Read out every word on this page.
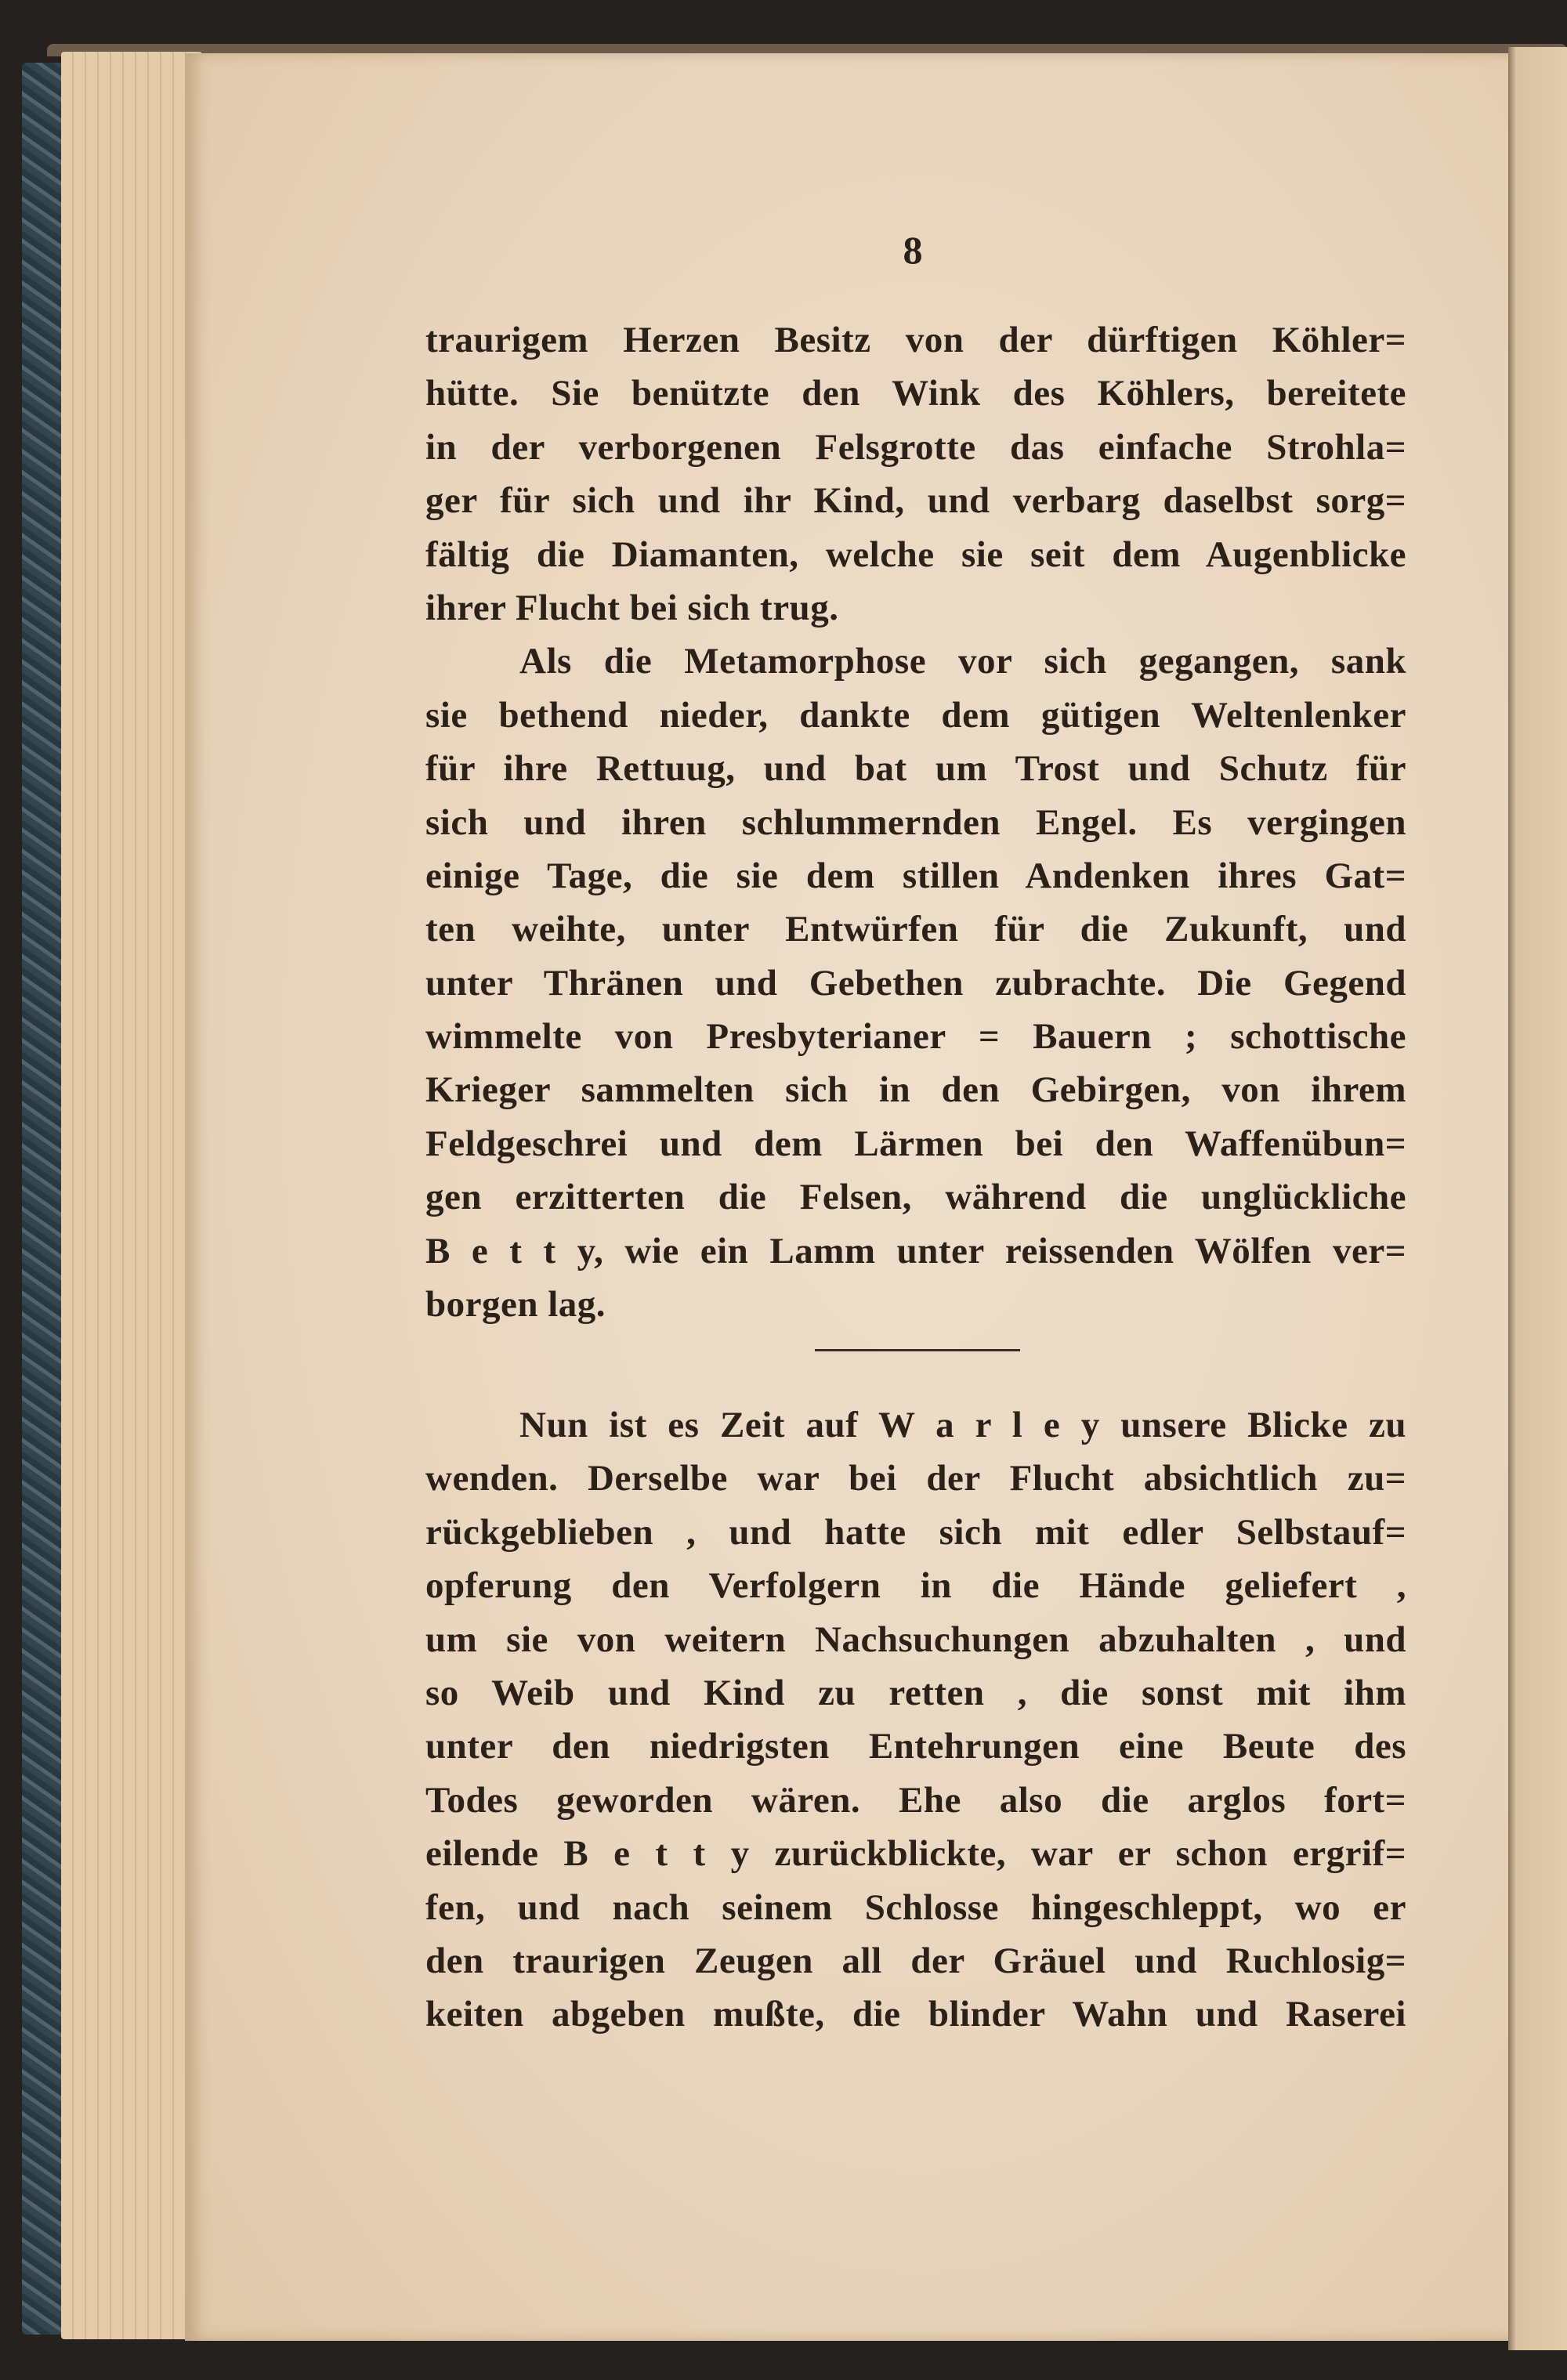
8
traurigem Herzen Besitz von der dürftigen Köhler=
hütte. Sie benützte den Wink des Köhlers, bereitete
in der verborgenen Felsgrotte das einfache Strohla=
ger für sich und ihr Kind, und verbarg daselbst sorg=
fältig die Diamanten, welche sie seit dem Augenblicke
ihrer Flucht bei sich trug.
Als die Metamorphose vor sich gegangen, sank
sie bethend nieder, dankte dem gütigen Weltenlenker
für ihre Rettuug, und bat um Trost und Schutz für
sich und ihren schlummernden Engel. Es vergingen
einige Tage, die sie dem stillen Andenken ihres Gat=
ten weihte, unter Entwürfen für die Zukunft, und
unter Thränen und Gebethen zubrachte. Die Gegend
wimmelte von Presbyterianer = Bauern ; schottische
Krieger sammelten sich in den Gebirgen, von ihrem
Feldgeschrei und dem Lärmen bei den Waffenübun=
gen erzitterten die Felsen, während die unglückliche
B e t t y, wie ein Lamm unter reissenden Wölfen ver=
borgen lag.
Nun ist es Zeit auf W a r l e y unsere Blicke zu
wenden. Derselbe war bei der Flucht absichtlich zu=
rückgeblieben , und hatte sich mit edler Selbstauf=
opferung den Verfolgern in die Hände geliefert ,
um sie von weitern Nachsuchungen abzuhalten , und
so Weib und Kind zu retten , die sonst mit ihm
unter den niedrigsten Entehrungen eine Beute des
Todes geworden wären. Ehe also die arglos fort=
eilende B e t t y zurückblickte, war er schon ergrif=
fen, und nach seinem Schlosse hingeschleppt, wo er
den traurigen Zeugen all der Gräuel und Ruchlosig=
keiten abgeben mußte, die blinder Wahn und Raserei
